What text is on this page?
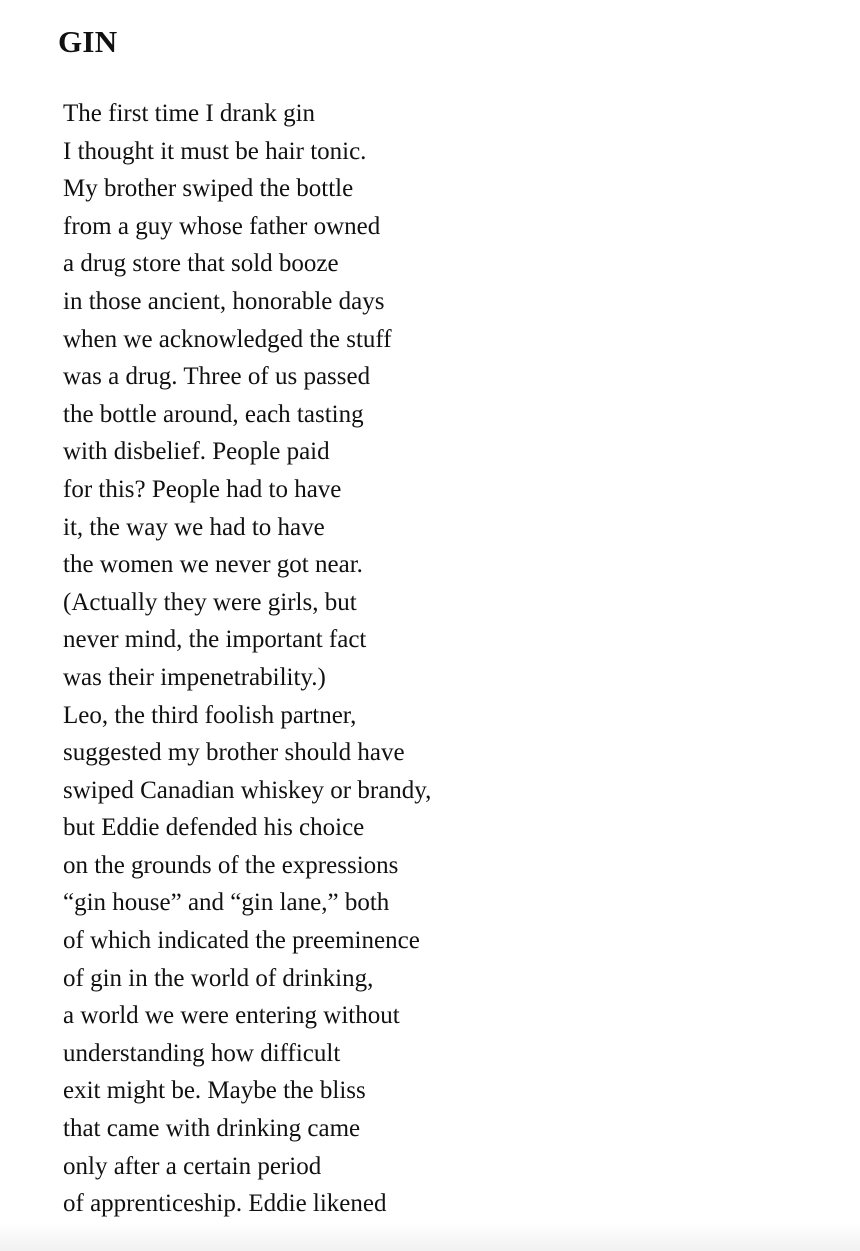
GIN
The first time I drank gin
I thought it must be hair tonic.
My brother swiped the bottle
from a guy whose father owned
a drug store that sold booze
in those ancient, honorable days
when we acknowledged the stuff
was a drug. Three of us passed
the bottle around, each tasting
with disbelief. People paid
for this? People had to have
it, the way we had to have
the women we never got near.
(Actually they were girls, but
never mind, the important fact
was their impenetrability.)
Leo, the third foolish partner,
suggested my brother should have
swiped Canadian whiskey or brandy,
but Eddie defended his choice
on the grounds of the expressions
“gin house” and “gin lane,” both
of which indicated the preeminence
of gin in the world of drinking,
a world we were entering without
understanding how difficult
exit might be. Maybe the bliss
that came with drinking came
only after a certain period
of apprenticeship. Eddie likened
